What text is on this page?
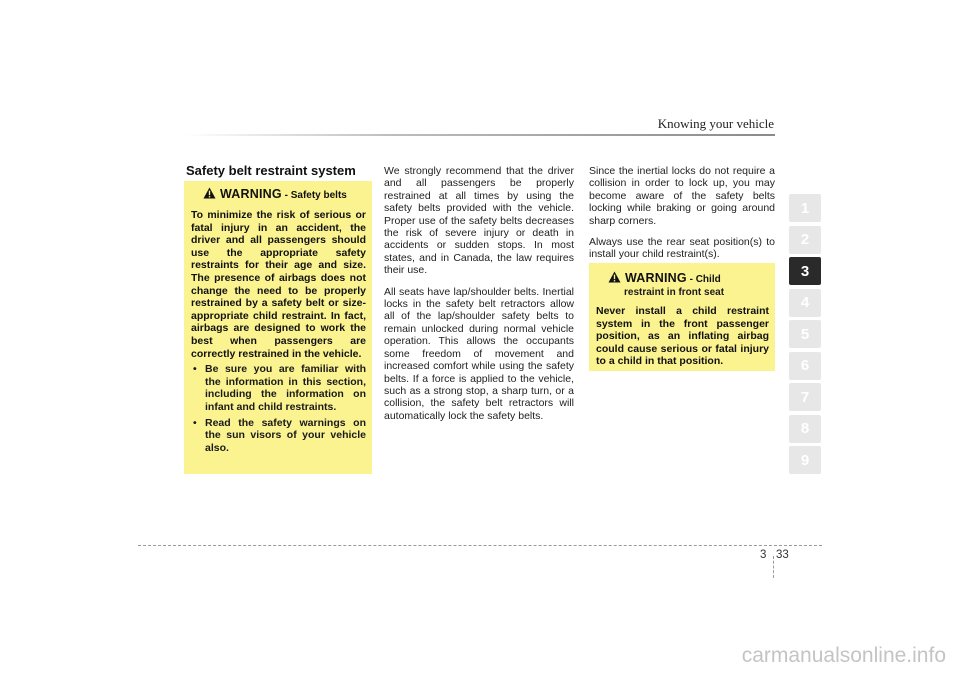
Knowing your vehicle
Safety belt restraint system
WARNING - Safety belts
To minimize the risk of serious or fatal injury in an accident, the driver and all passengers should use the appropriate safety restraints for their age and size. The presence of airbags does not change the need to be properly restrained by a safety belt or size-appropriate child restraint. In fact, airbags are designed to work the best when passengers are correctly restrained in the vehicle.
• Be sure you are familiar with the information in this section, including the information on infant and child restraints.
• Read the safety warnings on the sun visors of your vehicle also.

We strongly recommend that the driver and all passengers be properly restrained at all times by using the safety belts provided with the vehicle. Proper use of the safety belts decreases the risk of severe injury or death in accidents or sudden stops. In most states, and in Canada, the law requires their use.

All seats have lap/shoulder belts. Inertial locks in the safety belt retractors allow all of the lap/shoulder safety belts to remain unlocked during normal vehicle operation. This allows the occupants some freedom of movement and increased comfort while using the safety belts. If a force is applied to the vehicle, such as a strong stop, a sharp turn, or a collision, the safety belt retractors will automatically lock the safety belts.

Since the inertial locks do not require a collision in order to lock up, you may become aware of the safety belts locking while braking or going around sharp corners.

Always use the rear seat position(s) to install your child restraint(s).

WARNING - Child
restraint in front seat
Never install a child restraint system in the front passenger position, as an inflating airbag could cause serious or fatal injury to a child in that position.
1
2
3
4
5
6
7
8
9
3 33
carmanualsonline.info
